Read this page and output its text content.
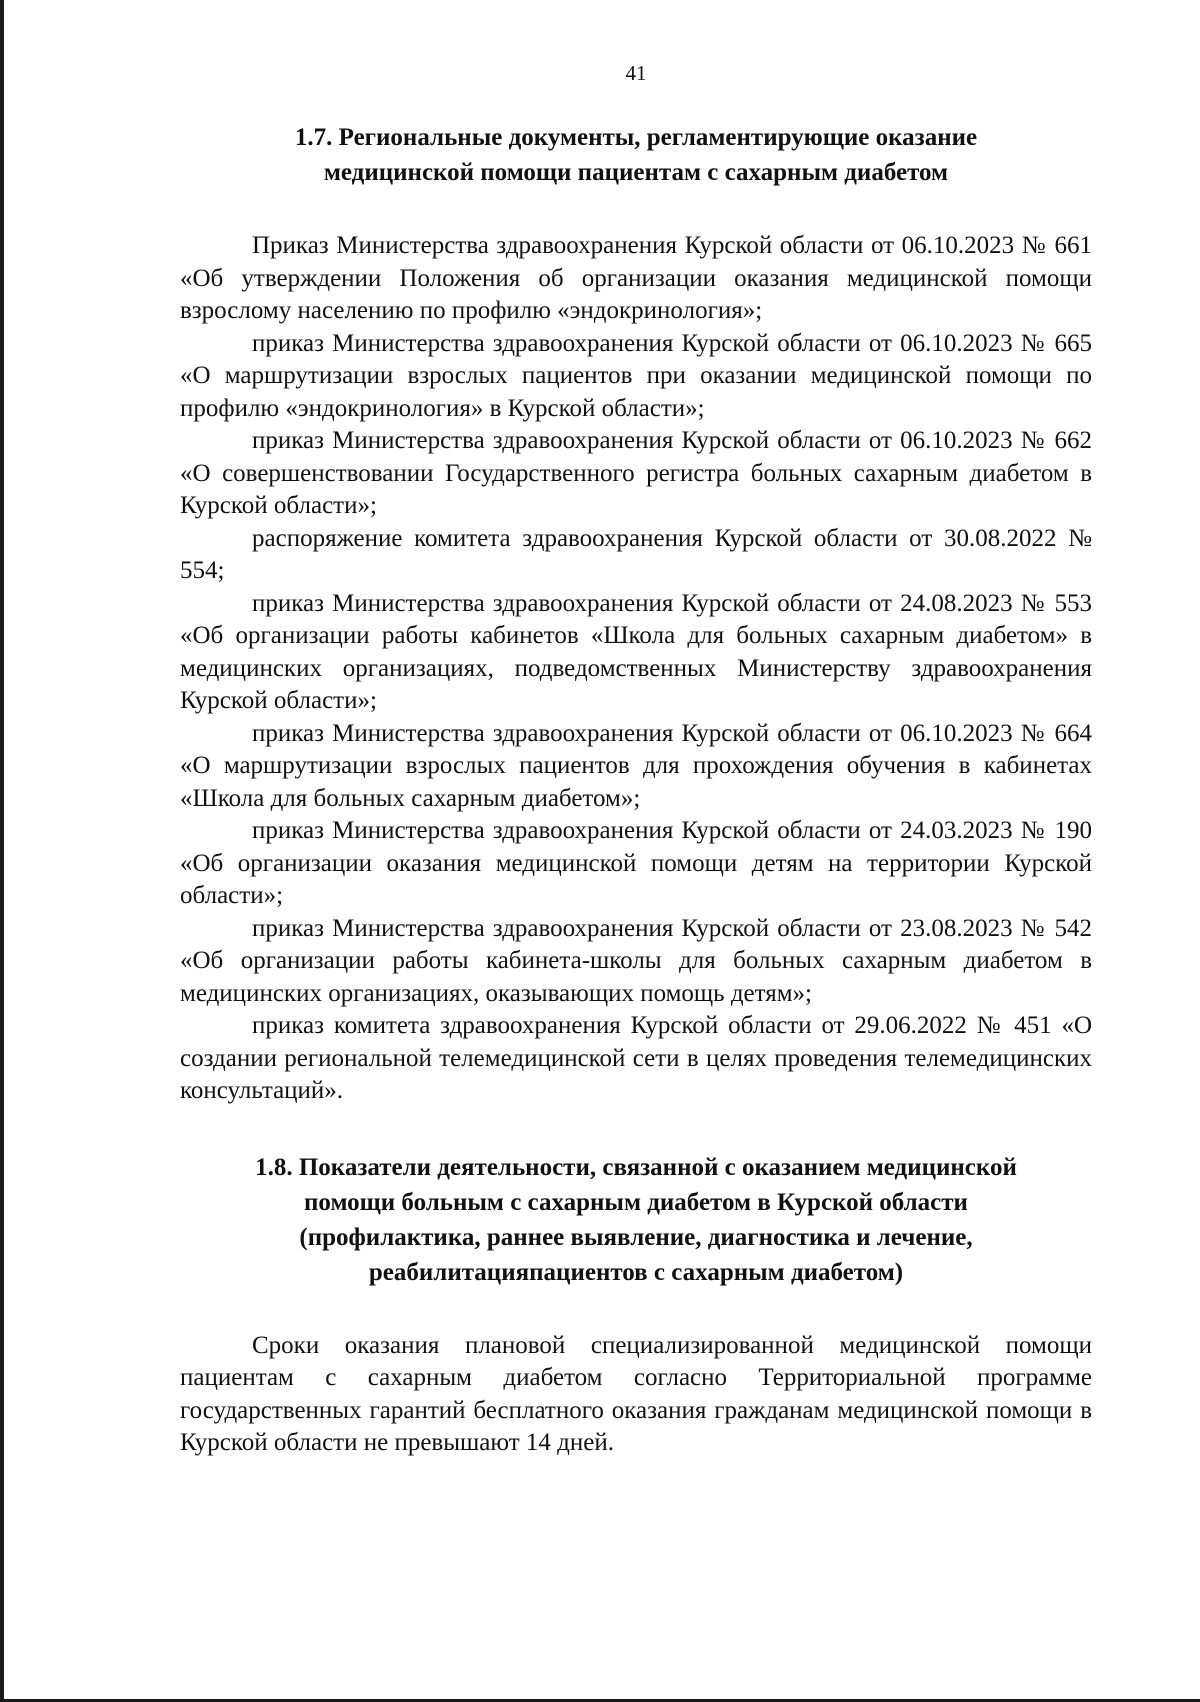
41
1.7. Региональные документы, регламентирующие оказание
медицинской помощи пациентам с сахарным диабетом

Приказ Министерства здравоохранения Курской области от 06.10.2023 № 661 «Об утверждении Положения об организации оказания медицинской помощи взрослому населению по профилю «эндокринология»;

приказ Министерства здравоохранения Курской области от 06.10.2023 № 665 «О маршрутизации взрослых пациентов при оказании медицинской помощи по профилю «эндокринология» в Курской области»;

приказ Министерства здравоохранения Курской области от 06.10.2023 № 662 «О совершенствовании Государственного регистра больных сахарным диабетом в Курской области»;

распоряжение комитета здравоохранения Курской области от 30.08.2022 № 554;

приказ Министерства здравоохранения Курской области от 24.08.2023 № 553 «Об организации работы кабинетов «Школа для больных сахарным диабетом» в медицинских организациях, подведомственных Министерству здравоохранения Курской области»;

приказ Министерства здравоохранения Курской области от 06.10.2023 № 664 «О маршрутизации взрослых пациентов для прохождения обучения в кабинетах «Школа для больных сахарным диабетом»;

приказ Министерства здравоохранения Курской области от 24.03.2023 № 190 «Об организации оказания медицинской помощи детям на территории Курской области»;

приказ Министерства здравоохранения Курской области от 23.08.2023 № 542 «Об организации работы кабинета-школы для больных сахарным диабетом в медицинских организациях, оказывающих помощь детям»;

приказ комитета здравоохранения Курской области от 29.06.2022 № 451 «О создании региональной телемедицинской сети в целях проведения телемедицинских консультаций».

1.8. Показатели деятельности, связанной с оказанием медицинской
помощи больным с сахарным диабетом в Курской области
(профилактика, раннее выявление, диагностика и лечение,
реабилитацияпациентов с сахарным диабетом)

Сроки оказания плановой специализированной медицинской помощи пациентам с сахарным диабетом согласно Территориальной программе государственных гарантий бесплатного оказания гражданам медицинской помощи в Курской области не превышают 14 дней.
